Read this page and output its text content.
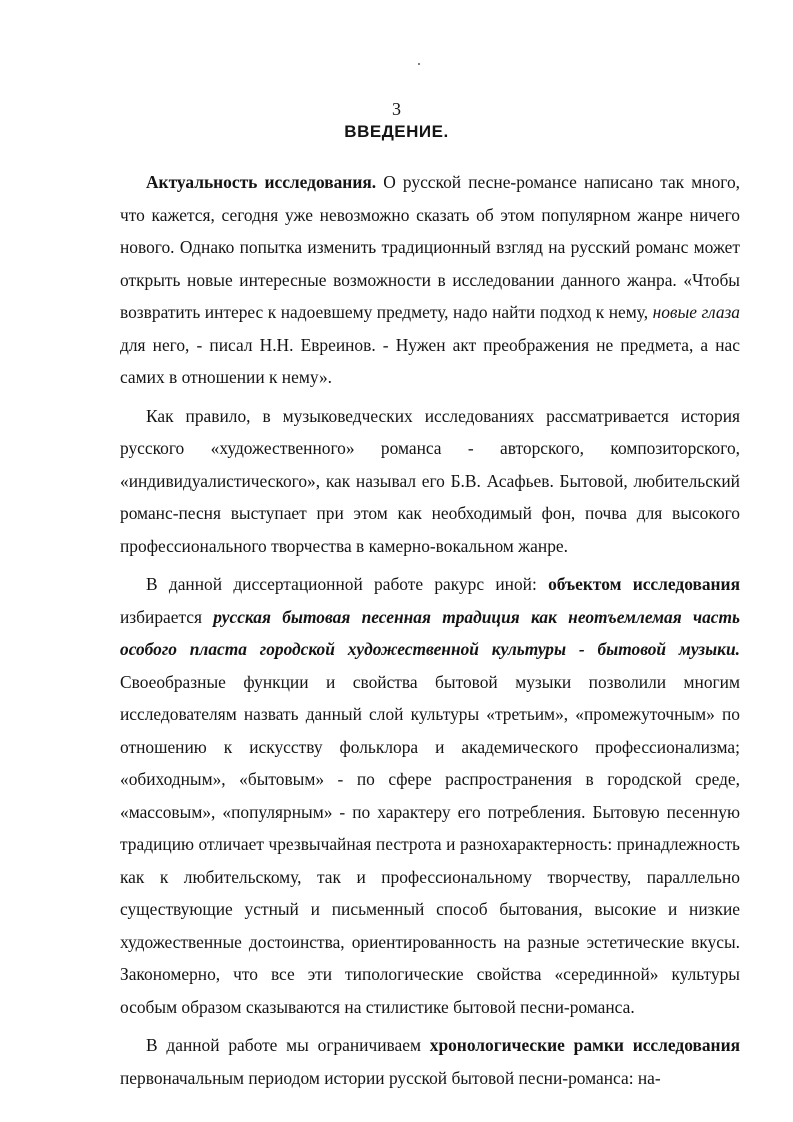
3
ВВЕДЕНИЕ.

Актуальность исследования. О русской песне-романсе написано так много, что кажется, сегодня уже невозможно сказать об этом популярном жанре ничего нового. Однако попытка изменить традиционный взгляд на русский романс может открыть новые интересные возможности в исследовании данного жанра. «Чтобы возвратить интерес к надоевшему предмету, надо найти подход к нему, новые глаза для него, - писал Н.Н. Евреинов. - Нужен акт преображения не предмета, а нас самих в отношении к нему».

Как правило, в музыковедческих исследованиях рассматривается история русского «художественного» романса - авторского, композиторского, «индивидуалистического», как называл его Б.В. Асафьев. Бытовой, любительский романс-песня выступает при этом как необходимый фон, почва для высокого профессионального творчества в камерно-вокальном жанре.

В данной диссертационной работе ракурс иной: объектом исследования избирается русская бытовая песенная традиция как неотъемлемая часть особого пласта городской художественной культуры - бытовой музыки. Своеобразные функции и свойства бытовой музыки позволили многим исследователям назвать данный слой культуры «третьим», «промежуточным» по отношению к искусству фольклора и академического профессионализма; «обиходным», «бытовым» - по сфере распространения в городской среде, «массовым», «популярным» - по характеру его потребления. Бытовую песенную традицию отличает чрезвычайная пестрота и разнохарактерность: принадлежность как к любительскому, так и профессиональному творчеству, параллельно существующие устный и письменный способ бытования, высокие и низкие художественные достоинства, ориентированность на разные эстетические вкусы. Закономерно, что все эти типологические свойства «серединной» культуры особым образом сказываются на стилистике бытовой песни-романса.

В данной работе мы ограничиваем хронологические рамки исследования первоначальным периодом истории русской бытовой песни-романса: на-
